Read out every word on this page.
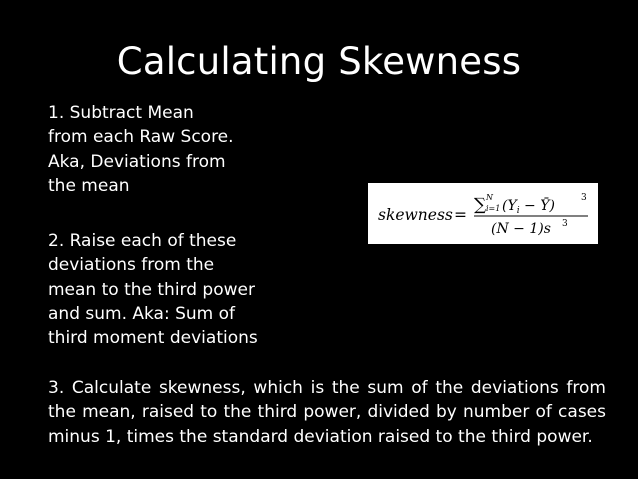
Calculating Skewness
1. Subtract Mean
from each Raw Score.
Aka, Deviations from
the mean
2. Raise each of these
deviations from the
mean to the third power
and sum. Aka: Sum of
third moment deviations
skewness = ∑ N
i=1 ($Y_i$ − Ȳ)	3
(N − 1)s 3
3. Calculate skewness, which is the sum of the deviations from the mean, raised to the third power, divided by number of cases minus 1, times the standard deviation raised to the third power.
